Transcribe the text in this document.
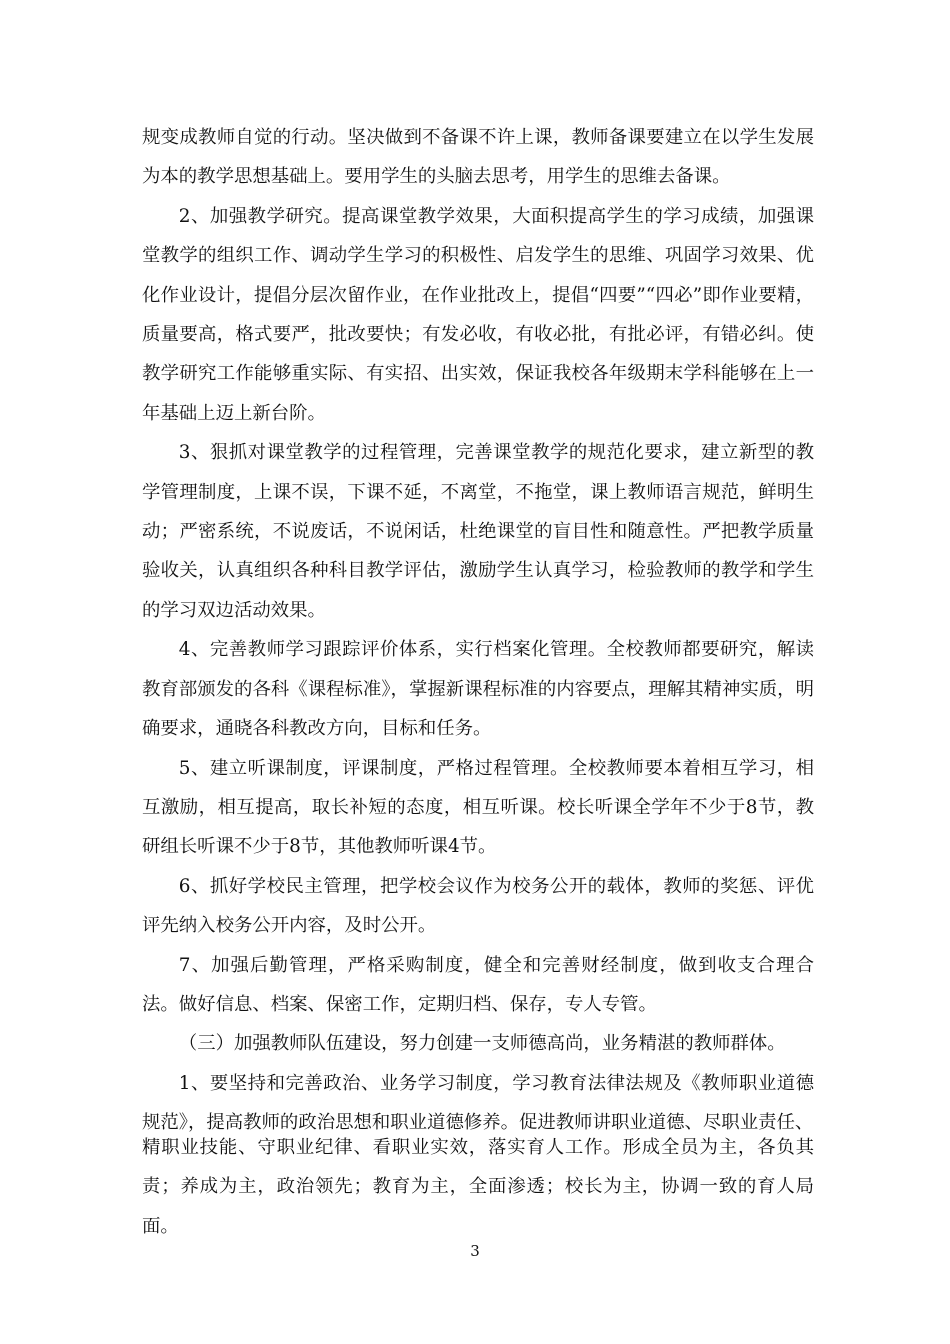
规变成教师自觉的行动。坚决做到不备课不许上课，教师备课要建立在以学生发展为本的教学思想基础上。要用学生的头脑去思考，用学生的思维去备课。

2、加强教学研究。提高课堂教学效果，大面积提高学生的学习成绩，加强课堂教学的组织工作、调动学生学习的积极性、启发学生的思维、巩固学习效果、优化作业设计，提倡分层次留作业，在作业批改上，提倡“四要”“四必”即作业要精，质量要高，格式要严，批改要快；有发必收，有收必批，有批必评，有错必纠。使教学研究工作能够重实际、有实招、出实效，保证我校各年级期末学科能够在上一年基础上迈上新台阶。

3、狠抓对课堂教学的过程管理，完善课堂教学的规范化要求，建立新型的教学管理制度，上课不误，下课不延，不离堂，不拖堂，课上教师语言规范，鲜明生动；严密系统，不说废话，不说闲话，杜绝课堂的盲目性和随意性。严把教学质量验收关，认真组织各种科目教学评估，激励学生认真学习，检验教师的教学和学生的学习双边活动效果。

4、完善教师学习跟踪评价体系，实行档案化管理。全校教师都要研究，解读教育部颁发的各科《课程标准》，掌握新课程标准的内容要点，理解其精神实质，明确要求，通晓各科教改方向，目标和任务。

5、建立听课制度，评课制度，严格过程管理。全校教师要本着相互学习，相互激励，相互提高，取长补短的态度，相互听课。校长听课全学年不少于8节，教研组长听课不少于8节，其他教师听课4节。

6、抓好学校民主管理，把学校会议作为校务公开的载体，教师的奖惩、评优评先纳入校务公开内容，及时公开。

7、加强后勤管理，严格采购制度，健全和完善财经制度，做到收支合理合法。做好信息、档案、保密工作，定期归档、保存，专人专管。

（三）加强教师队伍建设，努力创建一支师德高尚，业务精湛的教师群体。

1、要坚持和完善政治、业务学习制度，学习教育法律法规及《教师职业道德规范》，提高教师的政治思想和职业道德修养。促进教师讲职业道德、尽职业责任、

精职业技能、守职业纪律、看职业实效，落实育人工作。形成全员为主，各负其责；养成为主，政治领先；教育为主，全面渗透；校长为主，协调一致的育人局面。

3
